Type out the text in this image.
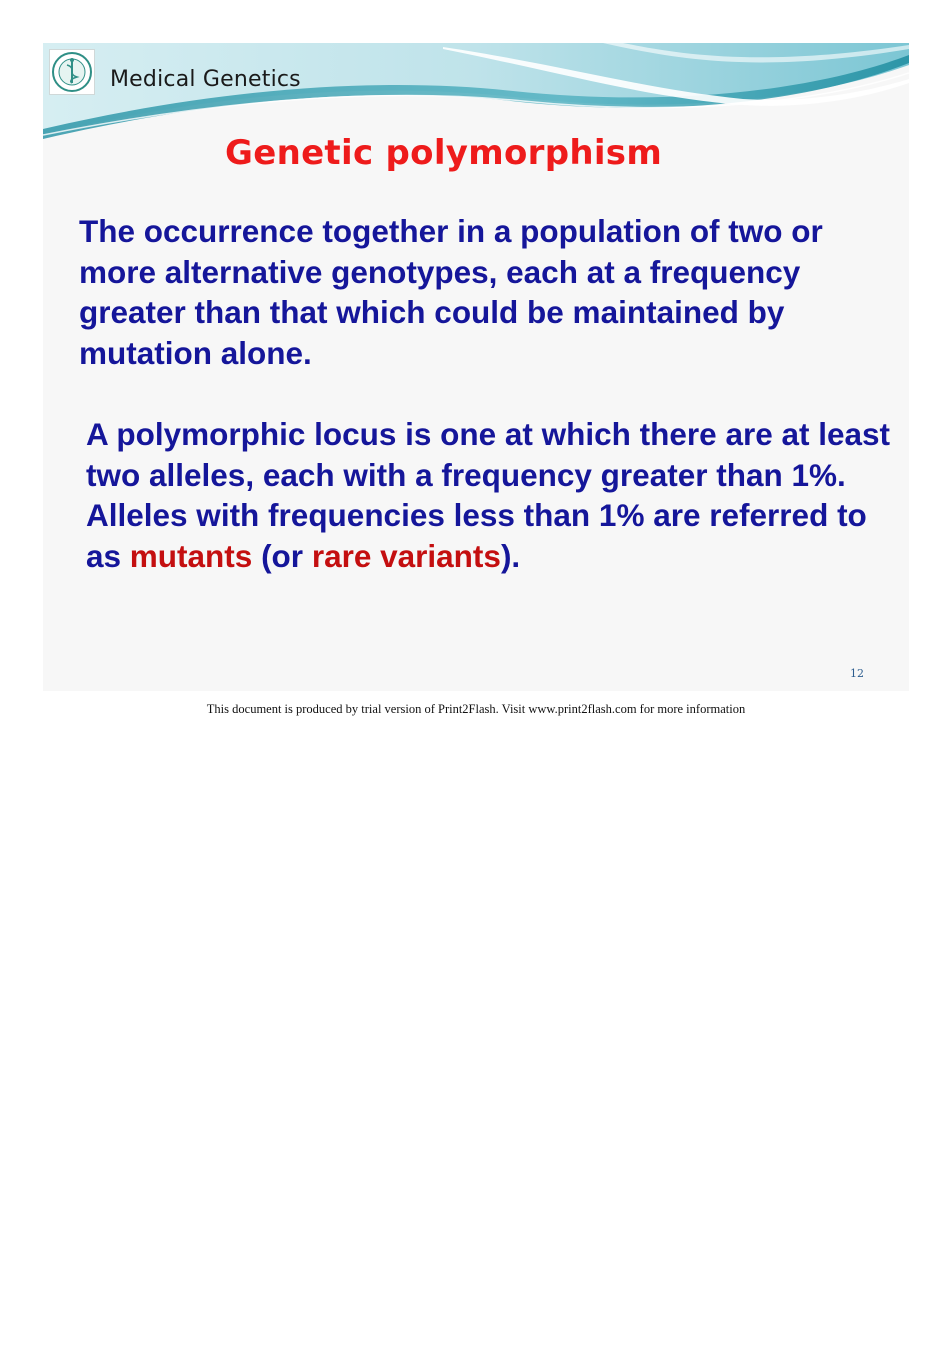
Medical Genetics
Genetic polymorphism

The occurrence together in a population of two or more alternative genotypes, each at a frequency greater than that which could be maintained by mutation alone.

A polymorphic locus is one at which there are at least two alleles, each with a frequency greater than 1%. Alleles with frequencies less than 1% are referred to as mutants (or rare variants).

12
This document is produced by trial version of Print2Flash. Visit www.print2flash.com for more information
